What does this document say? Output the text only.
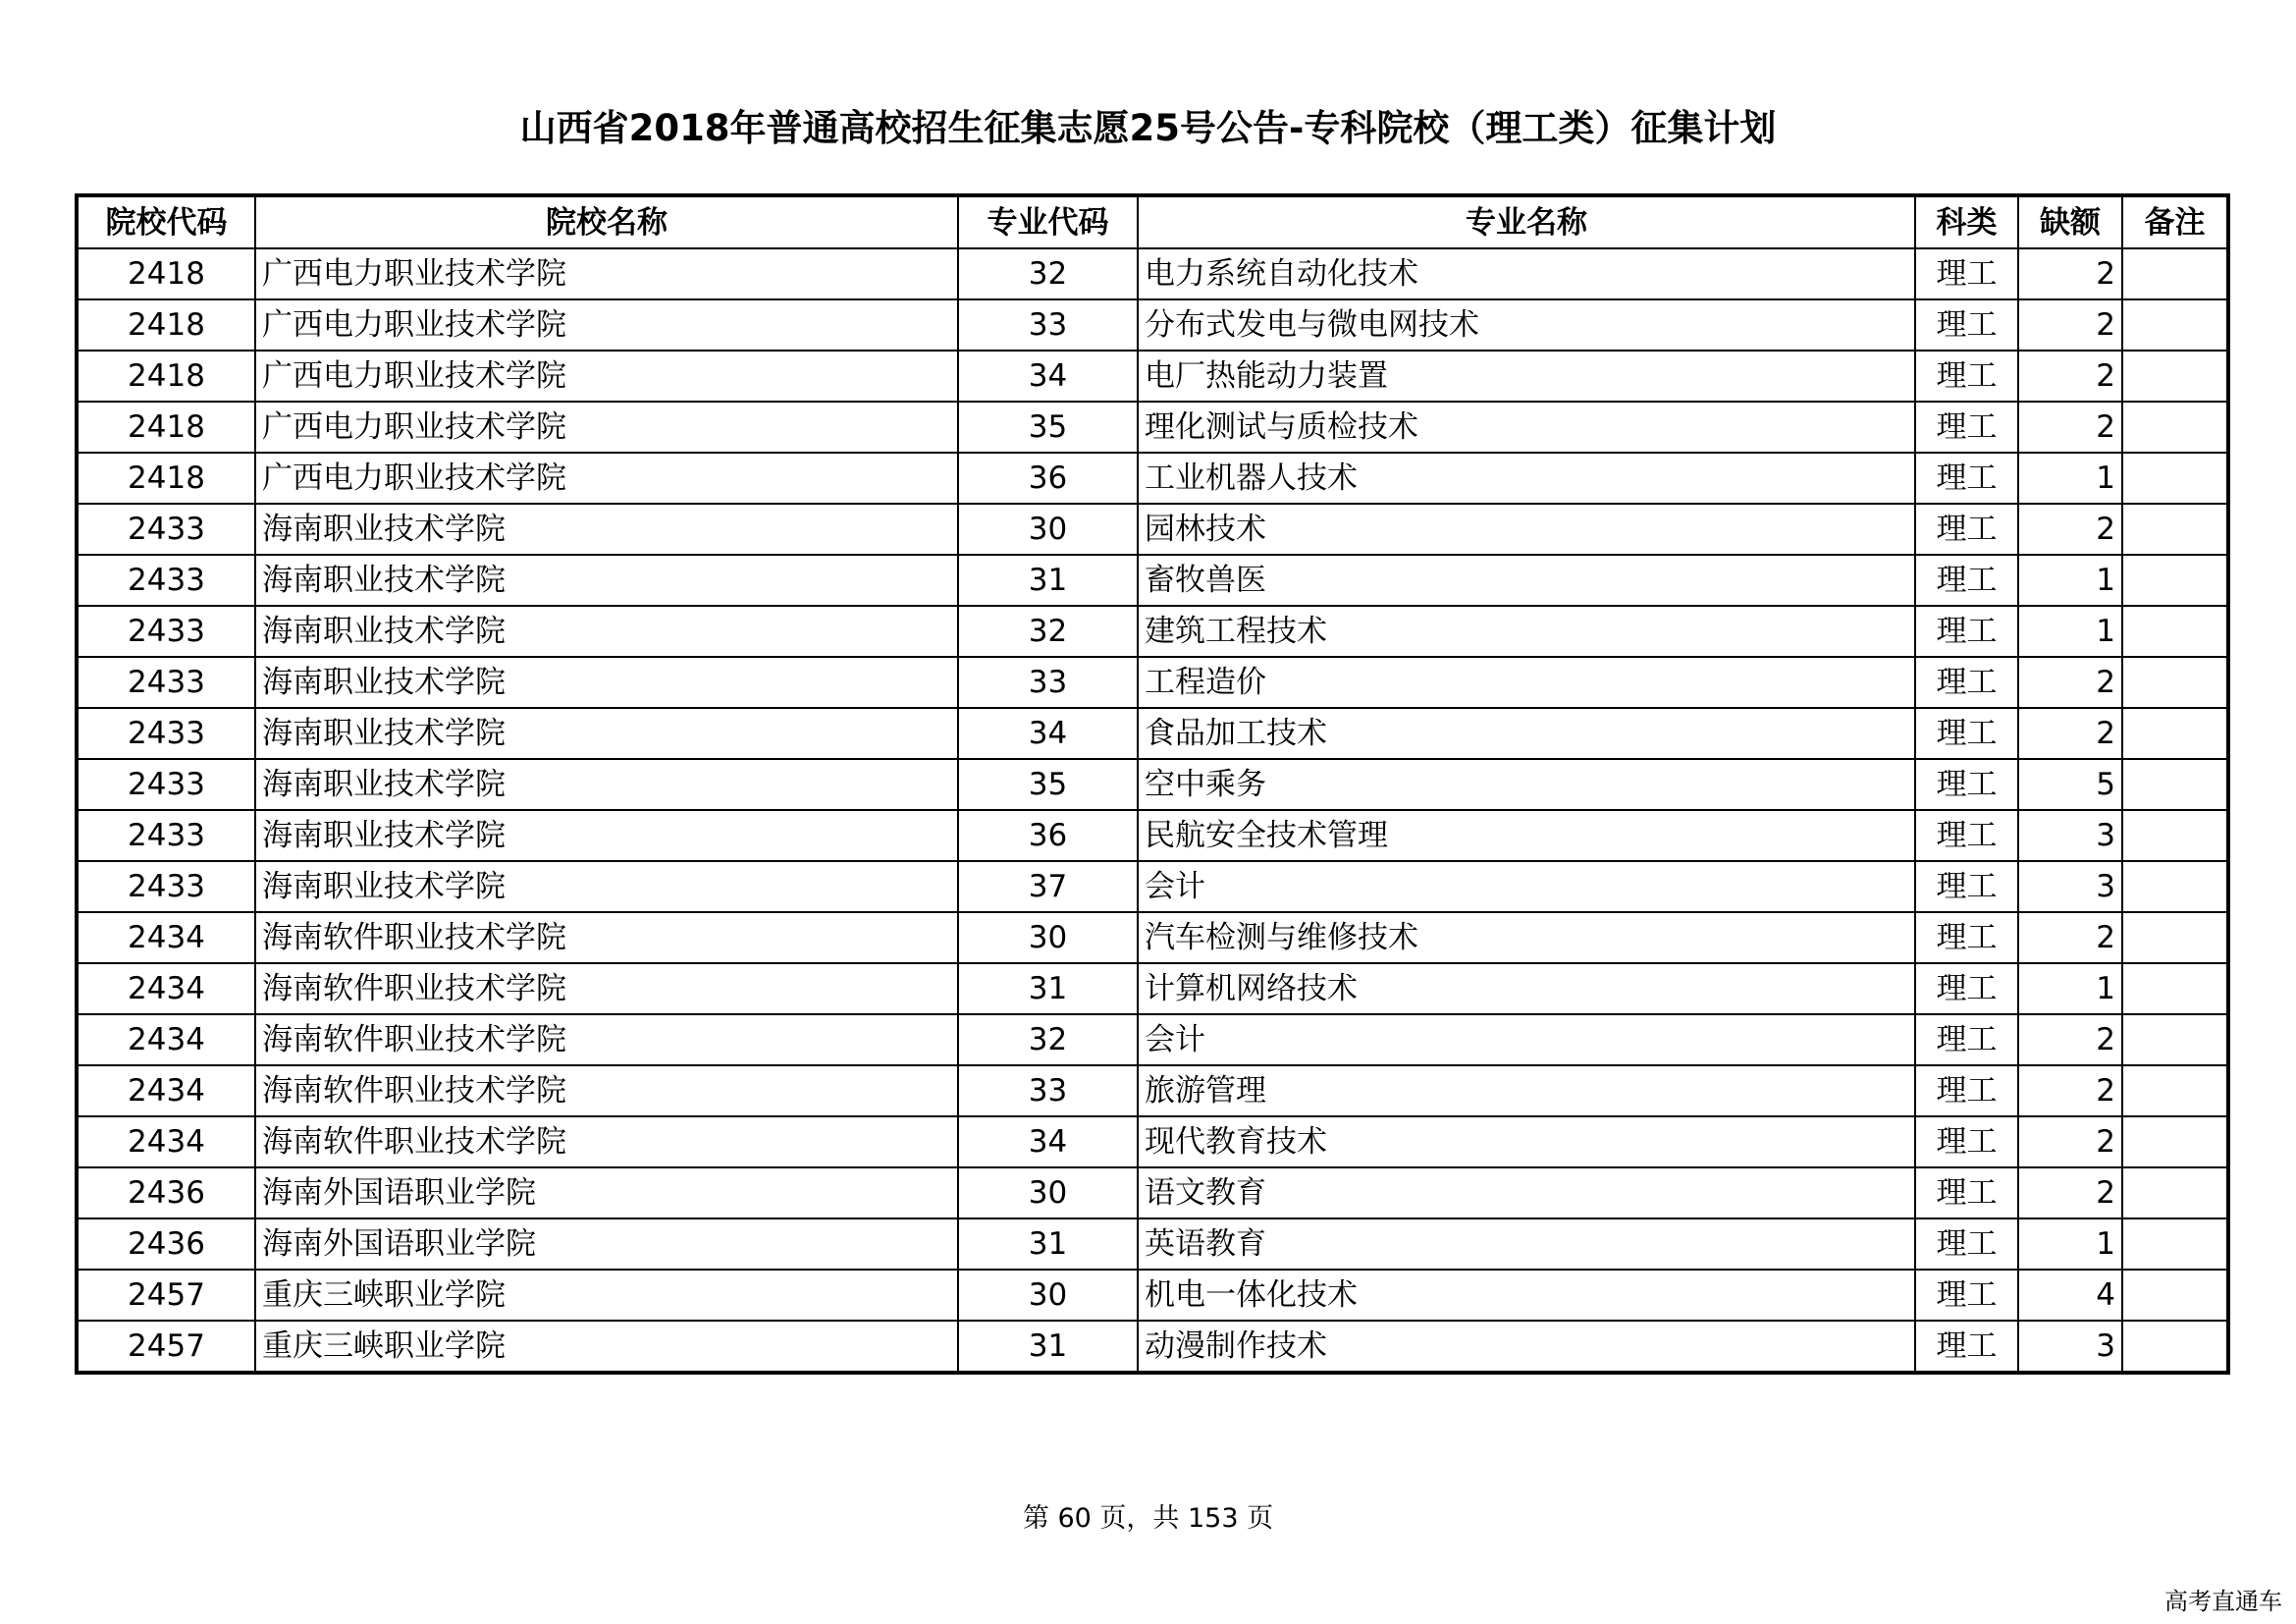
山西省2018年普通高校招生征集志愿25号公告-专科院校（理工类）征集计划
院校代码	院校名称	专业代码	专业名称	科类	缺额	备注
2418	广西电力职业技术学院	32	电力系统自动化技术	理工	2	
2418	广西电力职业技术学院	33	分布式发电与微电网技术	理工	2	
2418	广西电力职业技术学院	34	电厂热能动力装置	理工	2	
2418	广西电力职业技术学院	35	理化测试与质检技术	理工	2	
2418	广西电力职业技术学院	36	工业机器人技术	理工	1	
2433	海南职业技术学院	30	园林技术	理工	2	
2433	海南职业技术学院	31	畜牧兽医	理工	1	
2433	海南职业技术学院	32	建筑工程技术	理工	1	
2433	海南职业技术学院	33	工程造价	理工	2	
2433	海南职业技术学院	34	食品加工技术	理工	2	
2433	海南职业技术学院	35	空中乘务	理工	5	
2433	海南职业技术学院	36	民航安全技术管理	理工	3	
2433	海南职业技术学院	37	会计	理工	3	
2434	海南软件职业技术学院	30	汽车检测与维修技术	理工	2	
2434	海南软件职业技术学院	31	计算机网络技术	理工	1	
2434	海南软件职业技术学院	32	会计	理工	2	
2434	海南软件职业技术学院	33	旅游管理	理工	2	
2434	海南软件职业技术学院	34	现代教育技术	理工	2	
2436	海南外国语职业学院	30	语文教育	理工	2	
2436	海南外国语职业学院	31	英语教育	理工	1	
2457	重庆三峡职业学院	30	机电一体化技术	理工	4	
2457	重庆三峡职业学院	31	动漫制作技术	理工	3	
第 60 页，共 153 页
高考直通车
